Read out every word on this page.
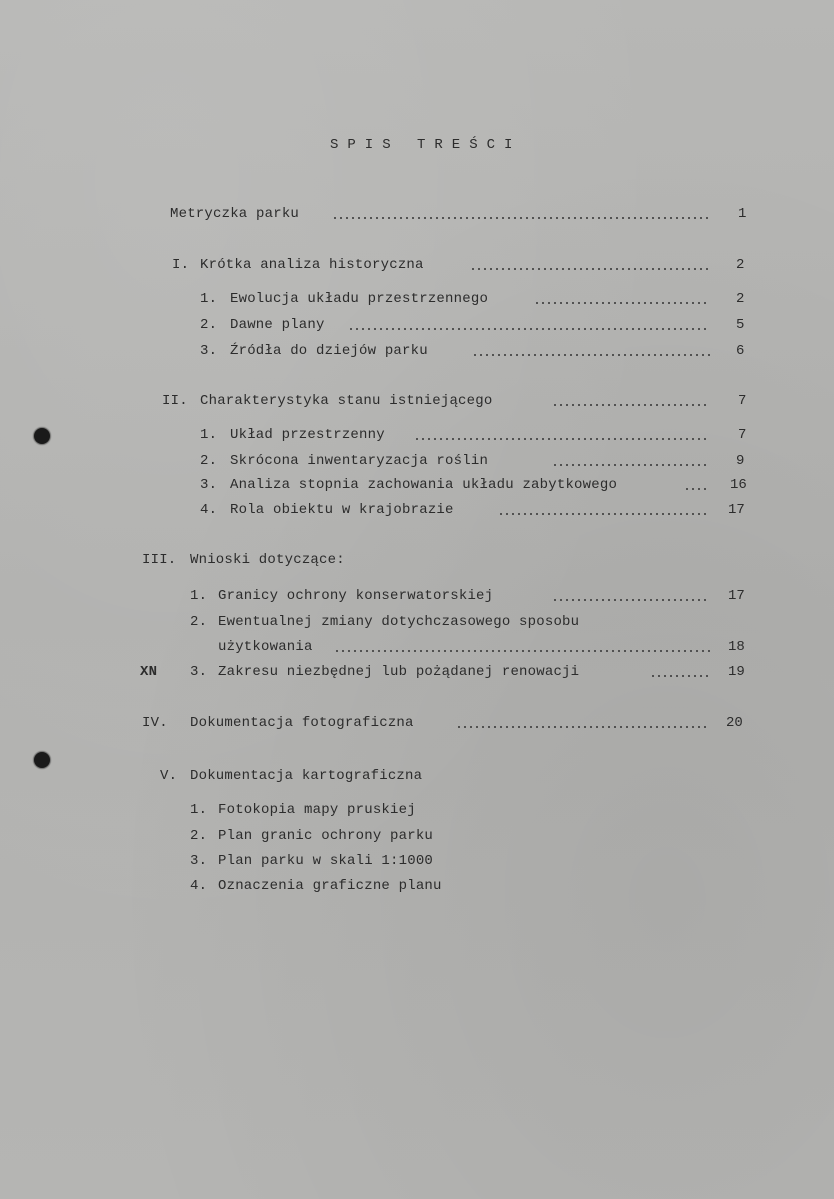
SPIS TREŚCI
Metryczka parku	1
I. Krótka analiza historyczna	2
1. Ewolucja układu przestrzennego	2
2. Dawne plany	5
3. Źródła do dziejów parku	6
II. Charakterystyka stanu istniejącego	7
1. Układ przestrzenny	7
2. Skrócona inwentaryzacja roślin	9
3. Analiza stopnia zachowania układu zabytkowego	16
4. Rola obiektu w krajobrazie	17
III. Wnioski dotyczące:
1. Granicy ochrony konserwatorskiej	17
2. Ewentualnej zmiany dotychczasowego sposobu
użytkowania	18
XN 3. Zakresu niezbędnej lub pożądanej renowacji	19
IV. Dokumentacja fotograficzna	20
V. Dokumentacja kartograficzna
1. Fotokopia mapy pruskiej
2. Plan granic ochrony parku
3. Plan parku w skali 1:1000
4. Oznaczenia graficzne planu
